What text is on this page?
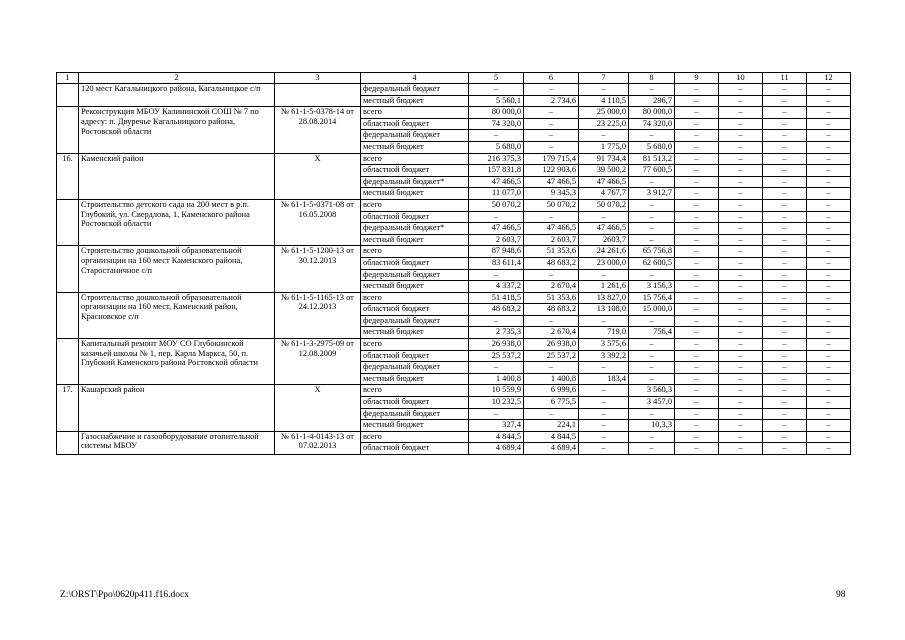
1	2	3	4	5	6	7	8	9	10	11	12
	120 мест Кагальницкого района, Кагальницкое с/п		федеральный бюджет	–	–	–	–	–	–	–	–
			местный бюджет	5 560,1	2 734,6	4 110,5	296,7	–	–	–	–
	Реконструкция МБОУ Калининской СОШ № 7 по адресу: п. Двуречье Кагальницкого района, Ростовской области	№ 61-1-5-0378-14 от 28.08.2014	всего	80 000,0	–	25 000,0	80 000,0	–	–	–	–
			областной бюджет	74 320,0	–	23 225,0	74 320,0	–	–	–	–
			федеральный бюджет	–	–	–	–	–	–	–	–
			местный бюджет	5 680,0	–	1 775,0	5 680,0	–	–	–	–
16.	Каменский район	Х	всего	216 375,3	179 715,4	91 734,4	81 513,2	–	–	–	–
			областной бюджет	157 831,8	122 903,6	39 500,2	77 600,5	–	–	–	–
			федеральный бюджет*	47 466,5	47 466,5	47 466,5	–	–	–	–	–
			местный бюджет	11 077,0	9 345,3	4 767,7	3 912,7	–	–	–	–
	Строительство детского сада на 200 мест в р.п. Глубокий, ул. Свердлова, 1, Каменского района Ростовской области	№ 61-1-5-0371-08 от 16.05.2008	всего	50 070,2	50 070,2	50 070,2	–	–	–	–	–
			областной бюджет	–	–	–	–	–	–	–	–
			федеральный бюджет*	47 466,5	47 466,5	47 466,5	–	–	–	–	–
			местный бюджет	2 603,7	2 603,7	2603,7	–	–	–	–	–
	Строительство дошкольной образовательной организации на 160 мест Каменского района, Старостаничное с/п	№ 61-1-5-1200-13 от 30.12.2013	всего	87 948,6	51 353,6	24 261,6	65 756,8	–	–	–	–
			областной бюджет	83 611,4	48 683,2	23 000,0	62 600,5	–	–	–	–
			федеральный бюджет	–	–	–	–	–	–	–	–
			местный бюджет	4 337,2	2 670,4	1 261,6	3 156,3	–	–	–	–
	Строительство дошкольной образовательной организации на 160 мест, Каменский район, Красновское с/п	№ 61-1-5-1165-13 от 24.12.2013	всего	51 418,5	51 353,6	13 827,0	15 756,4	–	–	–	–
			областной бюджет	48 683,2	48 683,2	13 108,0	15 000,0	–	–	–	–
			федеральный бюджет	–	–	–	–	–	–	–	–
			местный бюджет	2 735,3	2 670,4	719,0	756,4	–	–	–	–
	Капитальный ремонт МОУ СО Глубокинской казачьей школы № 1, пер. Карла Маркса, 50, п. Глубокий Каменского района Ростовской области	№ 61-1-3-2975-09 от 12.08.2009	всего	26 938,0	26 938,0	3 575,6	–	–	–	–	–
			областной бюджет	25 537,2	25 537,2	3 392,2	–	–	–	–	–
			федеральный бюджет	–	–	–	–	–	–	–	–
			местный бюджет	1 400,8	1 400,8	183,4	–	–	–	–	–
17.	Кашарский район	Х	всего	10 559,9	6 999,6	–	3 560,3	–	–	–	–
			областной бюджет	10 232,5	6 775,5	–	3 457,0	–	–	–	–
			федеральный бюджет	–	–	–	–	–	–	–	–
			местный бюджет	327,4	224,1	–	10,3,3	–	–	–	–
	Газоснабжение и газооборудование отопительной системы МБОУ	№ 61-1-4-0143-13 от 07.02.2013	всего	4 844,5	4 844,5	–	–	–	–	–	–
			областной бюджет	4 689,4	4 689,4	–	–	–	–	–	–
Z:\ORST\Ppo\0620p411.f16.docx	98
